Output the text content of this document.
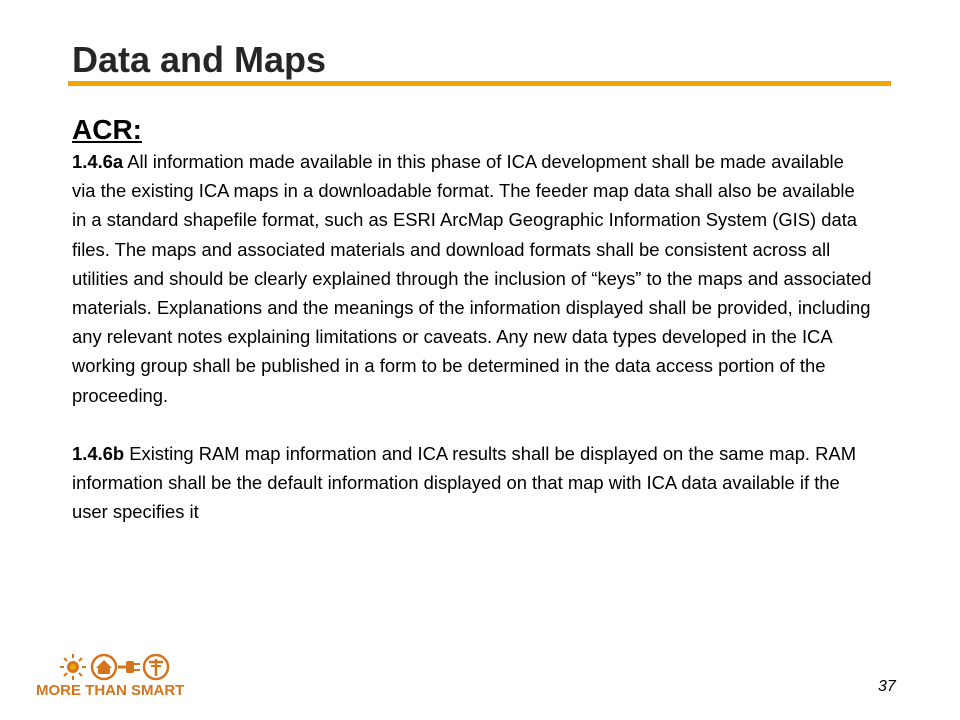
Data and Maps
ACR:

1.4.6a All information made available in this phase of ICA development shall be made available via the existing ICA maps in a downloadable format. The feeder map data shall also be available in a standard shapefile format, such as ESRI ArcMap Geographic Information System (GIS) data files. The maps and associated materials and download formats shall be consistent across all utilities and should be clearly explained through the inclusion of “keys” to the maps and associated materials. Explanations and the meanings of the information displayed shall be provided, including any relevant notes explaining limitations or caveats. Any new data types developed in the ICA working group shall be published in a form to be determined in the data access portion of the proceeding.

1.4.6b Existing RAM map information and ICA results shall be displayed on the same map. RAM information shall be the default information displayed on that map with ICA data available if the user specifies it

MORE THAN SMART	37
